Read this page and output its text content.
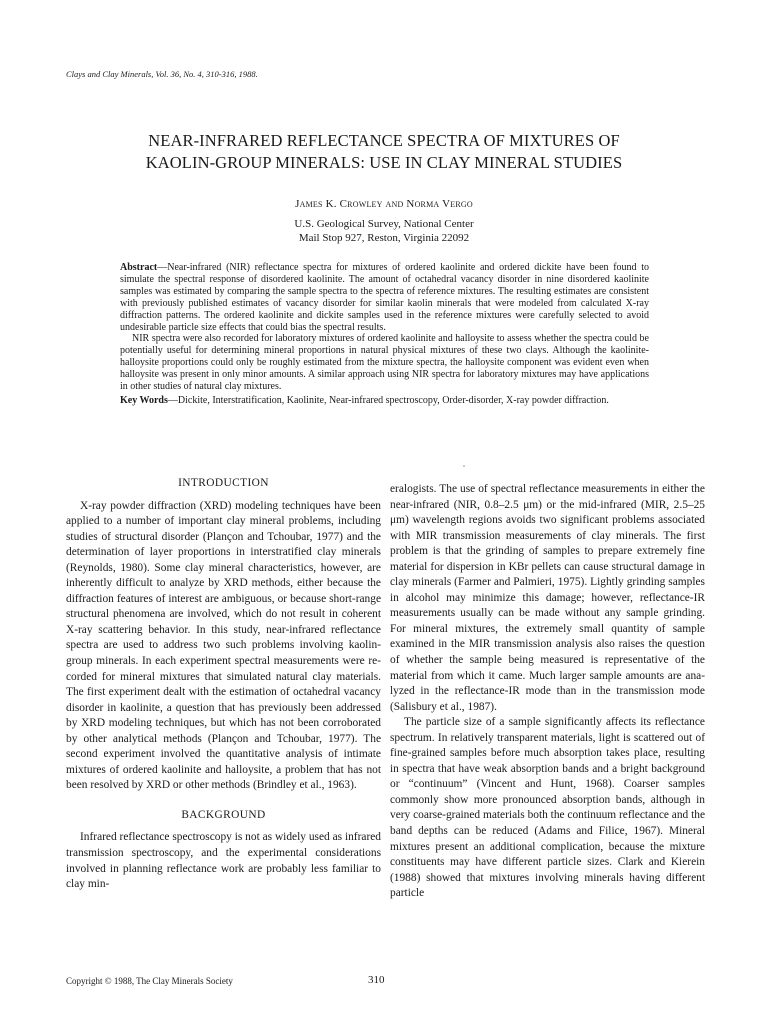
Clays and Clay Minerals, Vol. 36, No. 4, 310-316, 1988.
NEAR-INFRARED REFLECTANCE SPECTRA OF MIXTURES OF
KAOLIN-GROUP MINERALS: USE IN CLAY MINERAL STUDIES
James K. Crowley and Norma Vergo
U.S. Geological Survey, National Center
Mail Stop 927, Reston, Virginia 22092

Abstract—Near-infrared (NIR) reflectance spectra for mixtures of ordered kaolinite and ordered dickite have been found to simulate the spectral response of disordered kaolinite. The amount of octahedral vacancy disorder in nine disordered kaolinite samples was estimated by comparing the sample spectra to the spectra of reference mixtures. The resulting estimates are consistent with previously published estimates of vacancy disorder for similar kaolin minerals that were modeled from calculated X-ray diffraction patterns. The ordered kaolinite and dickite samples used in the reference mixtures were carefully selected to avoid undesirable particle size effects that could bias the spectral results.

NIR spectra were also recorded for laboratory mixtures of ordered kaolinite and halloysite to assess whether the spectra could be potentially useful for determining mineral proportions in natural physical mixtures of these two clays. Although the kaolinite-halloysite proportions could only be roughly estimated from the mixture spectra, the halloysite component was evident even when halloysite was present in only minor amounts. A similar approach using NIR spectra for laboratory mixtures may have applications in other studies of natural clay mixtures.

Key Words—Dickite, Interstratification, Kaolinite, Near-infrared spectroscopy, Order-disorder, X-ray powder diffraction.

INTRODUCTION

X-ray powder diffraction (XRD) modeling techniques have been applied to a number of important clay mineral problems, including studies of structural disorder (Plançon and Tchoubar, 1977) and the determination of layer proportions in interstratified clay minerals (Reynolds, 1980). Some clay mineral characteristics, however, are inherently difficult to analyze by XRD methods, either because the diffraction features of interest are ambiguous, or because short-range structural phenomena are involved, which do not result in coherent X-ray scattering behavior. In this study, near-infrared reflectance spectra are used to address two such problems involving kaolin-group minerals. In each experiment spectral measurements were recorded for mineral mixtures that simulated natural clay materials. The first experiment dealt with the estimation of octahedral vacancy disorder in kaolinite, a question that has previously been addressed by XRD modeling techniques, but which has not been corroborated by other analytical methods (Plançon and Tchoubar, 1977). The second experiment involved the quantitative analysis of intimate mixtures of ordered kaolinite and halloysite, a problem that has not been resolved by XRD or other methods (Brindley et al., 1963).

BACKGROUND

Infrared reflectance spectroscopy is not as widely used as infrared transmission spectroscopy, and the experimental considerations involved in planning reflectance work are probably less familiar to clay min-

eralogists. The use of spectral reflectance measurements in either the near-infrared (NIR, 0.8–2.5 μm) or the mid-infrared (MIR, 2.5–25 μm) wavelength regions avoids two significant problems associated with MIR transmission measurements of clay minerals. The first problem is that the grinding of samples to prepare extremely fine material for dispersion in KBr pellets can cause structural damage in clay minerals (Farmer and Palmieri, 1975). Lightly grinding samples in alcohol may minimize this damage; however, reflectance-IR measurements usually can be made without any sample grinding. For mineral mixtures, the extremely small quantity of sample examined in the MIR transmission analysis also raises the question of whether the sample being measured is representative of the material from which it came. Much larger sample amounts are analyzed in the reflectance-IR mode than in the transmission mode (Salisbury et al., 1987).

The particle size of a sample significantly affects its reflectance spectrum. In relatively transparent materials, light is scattered out of fine-grained samples before much absorption takes place, resulting in spectra that have weak absorption bands and a bright background or “continuum” (Vincent and Hunt, 1968). Coarser samples commonly show more pronounced absorption bands, although in very coarse-grained materials both the continuum reflectance and the band depths can be reduced (Adams and Filice, 1967). Mineral mixtures present an additional complication, because the mixture constituents may have different particle sizes. Clark and Kierein (1988) showed that mixtures involving minerals having different particle

Copyright © 1988, The Clay Minerals Society	310
